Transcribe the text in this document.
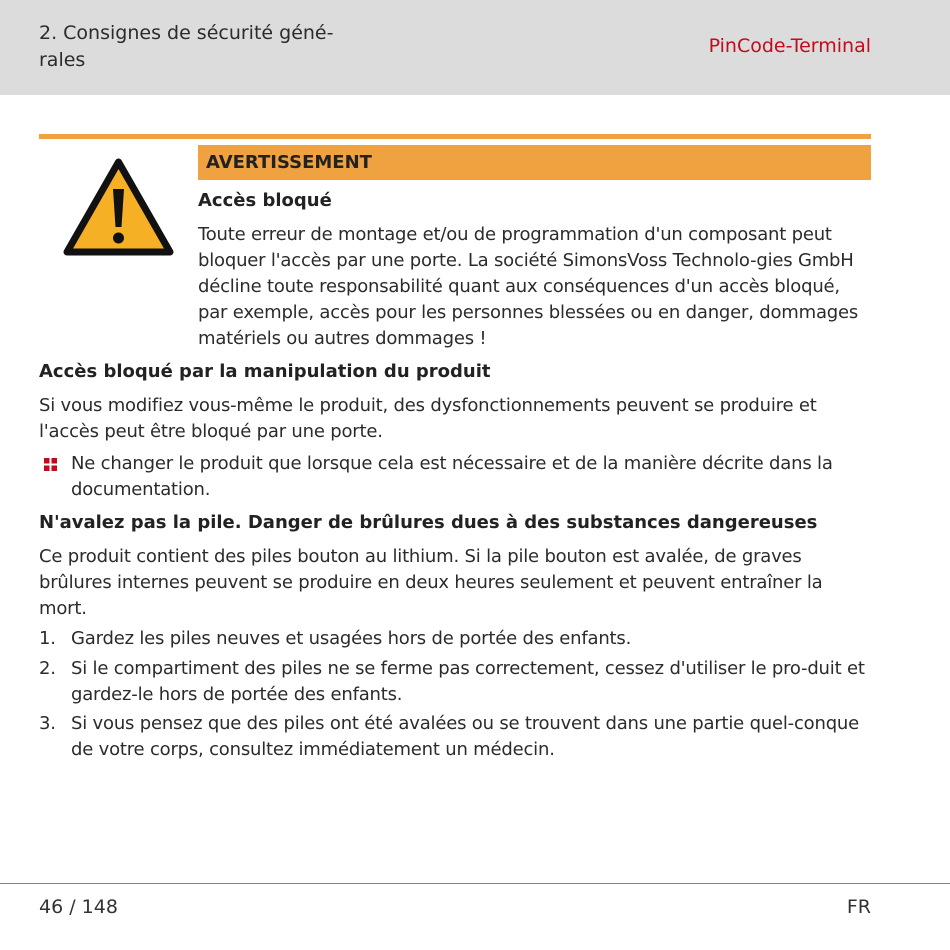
2. Consignes de sécurité géné-rales
PinCode-Terminal
AVERTISSEMENT
Accès bloqué
Toute erreur de montage et/ou de programmation d'un composant peut bloquer l'accès par une porte. La société SimonsVoss Technolo-gies GmbH décline toute responsabilité quant aux conséquences d'un accès bloqué, par exemple, accès pour les personnes blessées ou en danger, dommages matériels ou autres dommages !
Accès bloqué par la manipulation du produit
Si vous modifiez vous-même le produit, des dysfonctionnements peuvent se produire et l'accès peut être bloqué par une porte.
Ne changer le produit que lorsque cela est nécessaire et de la manière décrite dans la documentation.
N'avalez pas la pile. Danger de brûlures dues à des substances dangereuses
Ce produit contient des piles bouton au lithium. Si la pile bouton est avalée, de graves brûlures internes peuvent se produire en deux heures seulement et peuvent entraîner la mort.
1. Gardez les piles neuves et usagées hors de portée des enfants.
2. Si le compartiment des piles ne se ferme pas correctement, cessez d'utiliser le pro-duit et gardez-le hors de portée des enfants.
3. Si vous pensez que des piles ont été avalées ou se trouvent dans une partie quel-conque de votre corps, consultez immédiatement un médecin.
46 / 148	FR
